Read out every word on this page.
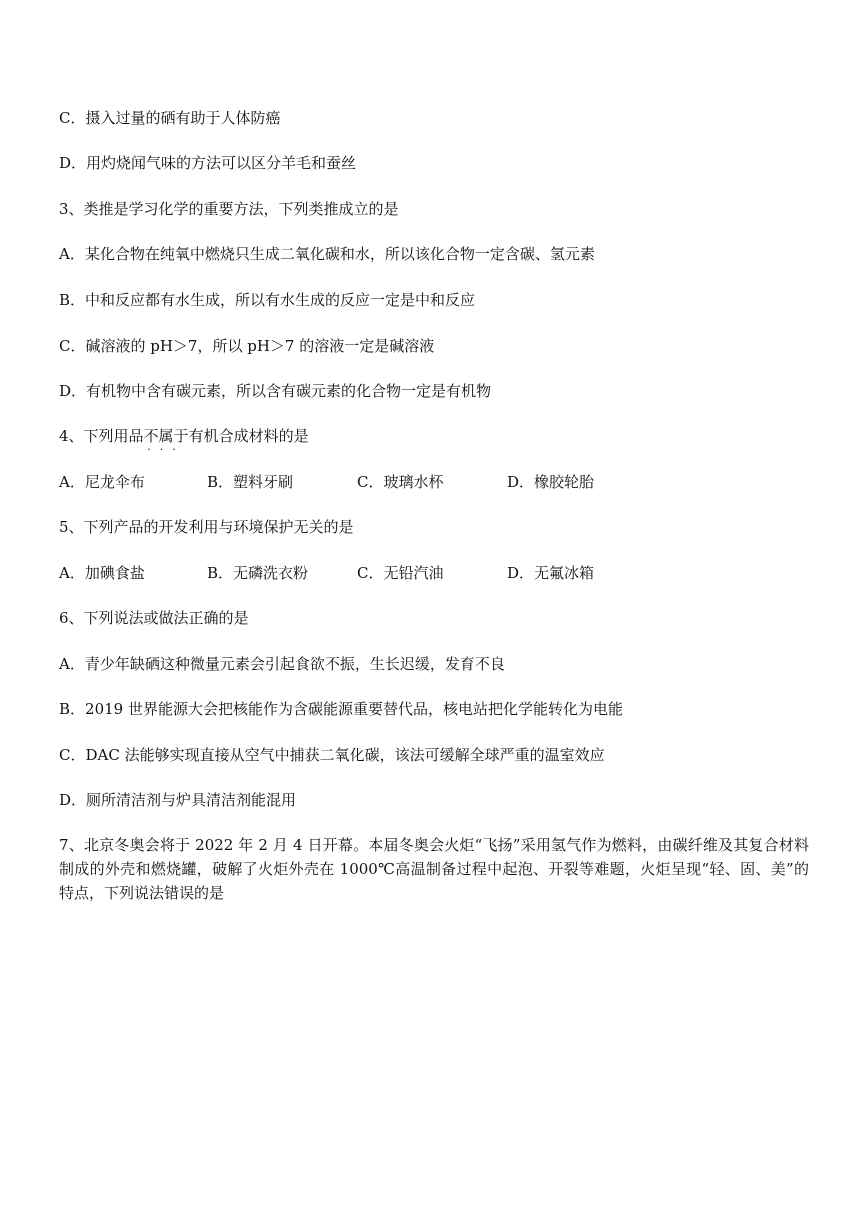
C．摄入过量的硒有助于人体防癌
D．用灼烧闻气味的方法可以区分羊毛和蚕丝
3、类推是学习化学的重要方法，下列类推成立的是
A．某化合物在纯氧中燃烧只生成二氧化碳和水，所以该化合物一定含碳、氢元素
B．中和反应都有水生成，所以有水生成的反应一定是中和反应
C．碱溶液的 pH＞7，所以 pH＞7 的溶液一定是碱溶液
D．有机物中含有碳元素，所以含有碳元素的化合物一定是有机物
4、下列用品不属于
···
有机合成材料的是
A．尼龙伞布	B．塑料牙刷	C．玻璃水杯	D．橡胶轮胎
5、下列产品的开发利用与环境保护无关的是
A．加碘食盐	B．无磷洗衣粉	C．无铅汽油	D．无氟冰箱
6、下列说法或做法正确的是
A．青少年缺硒这种微量元素会引起食欲不振，生长迟缓，发育不良
B．2019 世界能源大会把核能作为含碳能源重要替代品，核电站把化学能转化为电能
C．DAC 法能够实现直接从空气中捕获二氧化碳，该法可缓解全球严重的温室效应
D．厕所清洁剂与炉具清洁剂能混用
7、北京冬奥会将于 2022 年 2 月 4 日开幕。本届冬奥会火炬“飞扬”采用氢气作为燃料，由碳纤维及其复合材料制成的外壳和燃烧罐，破解了火炬外壳在 1000℃高温制备过程中起泡、开裂等难题，火炬呈现“轻、固、美”的特点，下列说法错误的是
